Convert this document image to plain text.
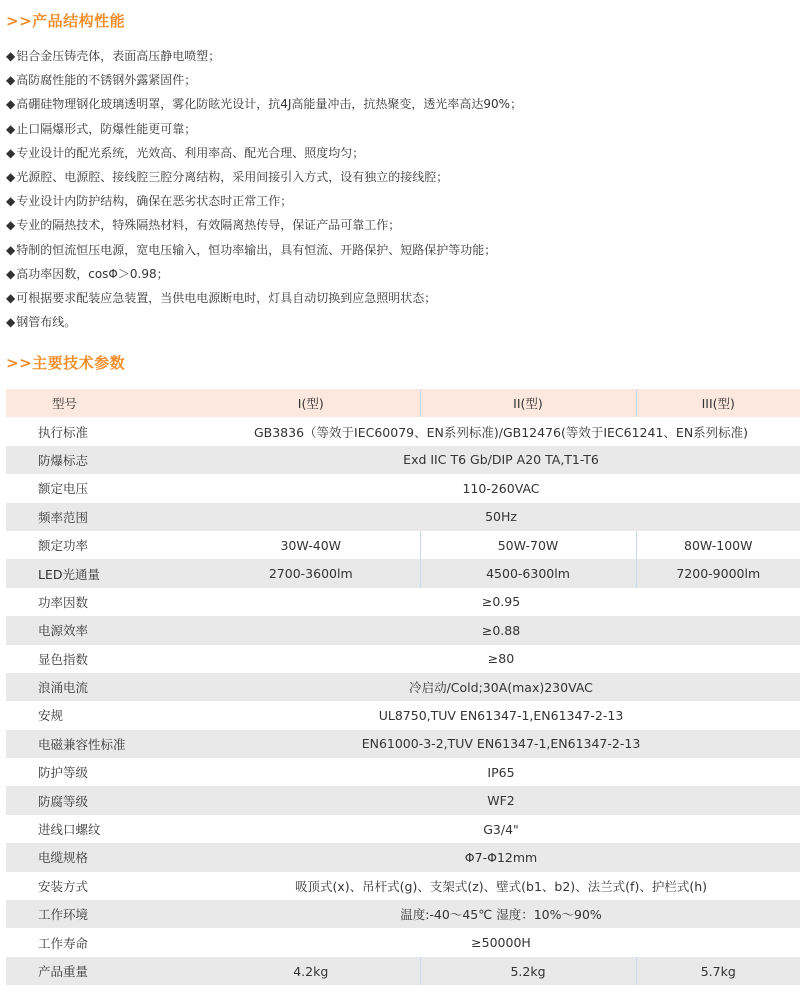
>>产品结构性能
◆铝合金压铸壳体，表面高压静电喷塑；
◆高防腐性能的不锈钢外露紧固件；
◆高硼硅物理钢化玻璃透明罩，雾化防眩光设计，抗4J高能量冲击，抗热聚变，透光率高达90%；
◆止口隔爆形式，防爆性能更可靠；
◆专业设计的配光系统，光效高、利用率高、配光合理、照度均匀；
◆光源腔、电源腔、接线腔三腔分离结构，采用间接引入方式，设有独立的接线腔；
◆专业设计内防护结构，确保在恶劣状态时正常工作；
◆专业的隔热技术，特殊隔热材料，有效隔离热传导，保证产品可靠工作；
◆特制的恒流恒压电源，宽电压输入，恒功率输出，具有恒流、开路保护、短路保护等功能；
◆高功率因数，cosΦ＞0.98；
◆可根据要求配装应急装置，当供电电源断电时，灯具自动切换到应急照明状态；
◆钢管布线。
>>主要技术参数
型号	I(型)	II(型)	III(型)
执行标准	GB3836（等效于IEC60079、EN系列标准)/GB12476(等效于IEC61241、EN系列标准)		
防爆标志	Exd IIC T6 Gb/DIP A20 TA,T1-T6		
额定电压	110-260VAC		
频率范围	50Hz		
额定功率	30W-40W	50W-70W	80W-100W
LED光通量	2700-3600lm	4500-6300lm	7200-9000lm
功率因数	≥0.95		
电源效率	≥0.88		
显色指数	≥80		
浪涌电流	冷启动/Cold;30A(max)230VAC		
安规	UL8750,TUV EN61347-1,EN61347-2-13		
电磁兼容性标准	EN61000-3-2,TUV EN61347-1,EN61347-2-13		
防护等级	IP65		
防腐等级	WF2		
进线口螺纹	G3/4"		
电缆规格	Φ7-Φ12mm		
安装方式	吸顶式(x)、吊杆式(g)、支架式(z)、壁式(b1、b2)、法兰式(f)、护栏式(h)		
工作环境	温度:-40～45℃ 湿度：10%～90%		
工作寿命	≥50000H		
产品重量	4.2kg	5.2kg	5.7kg
